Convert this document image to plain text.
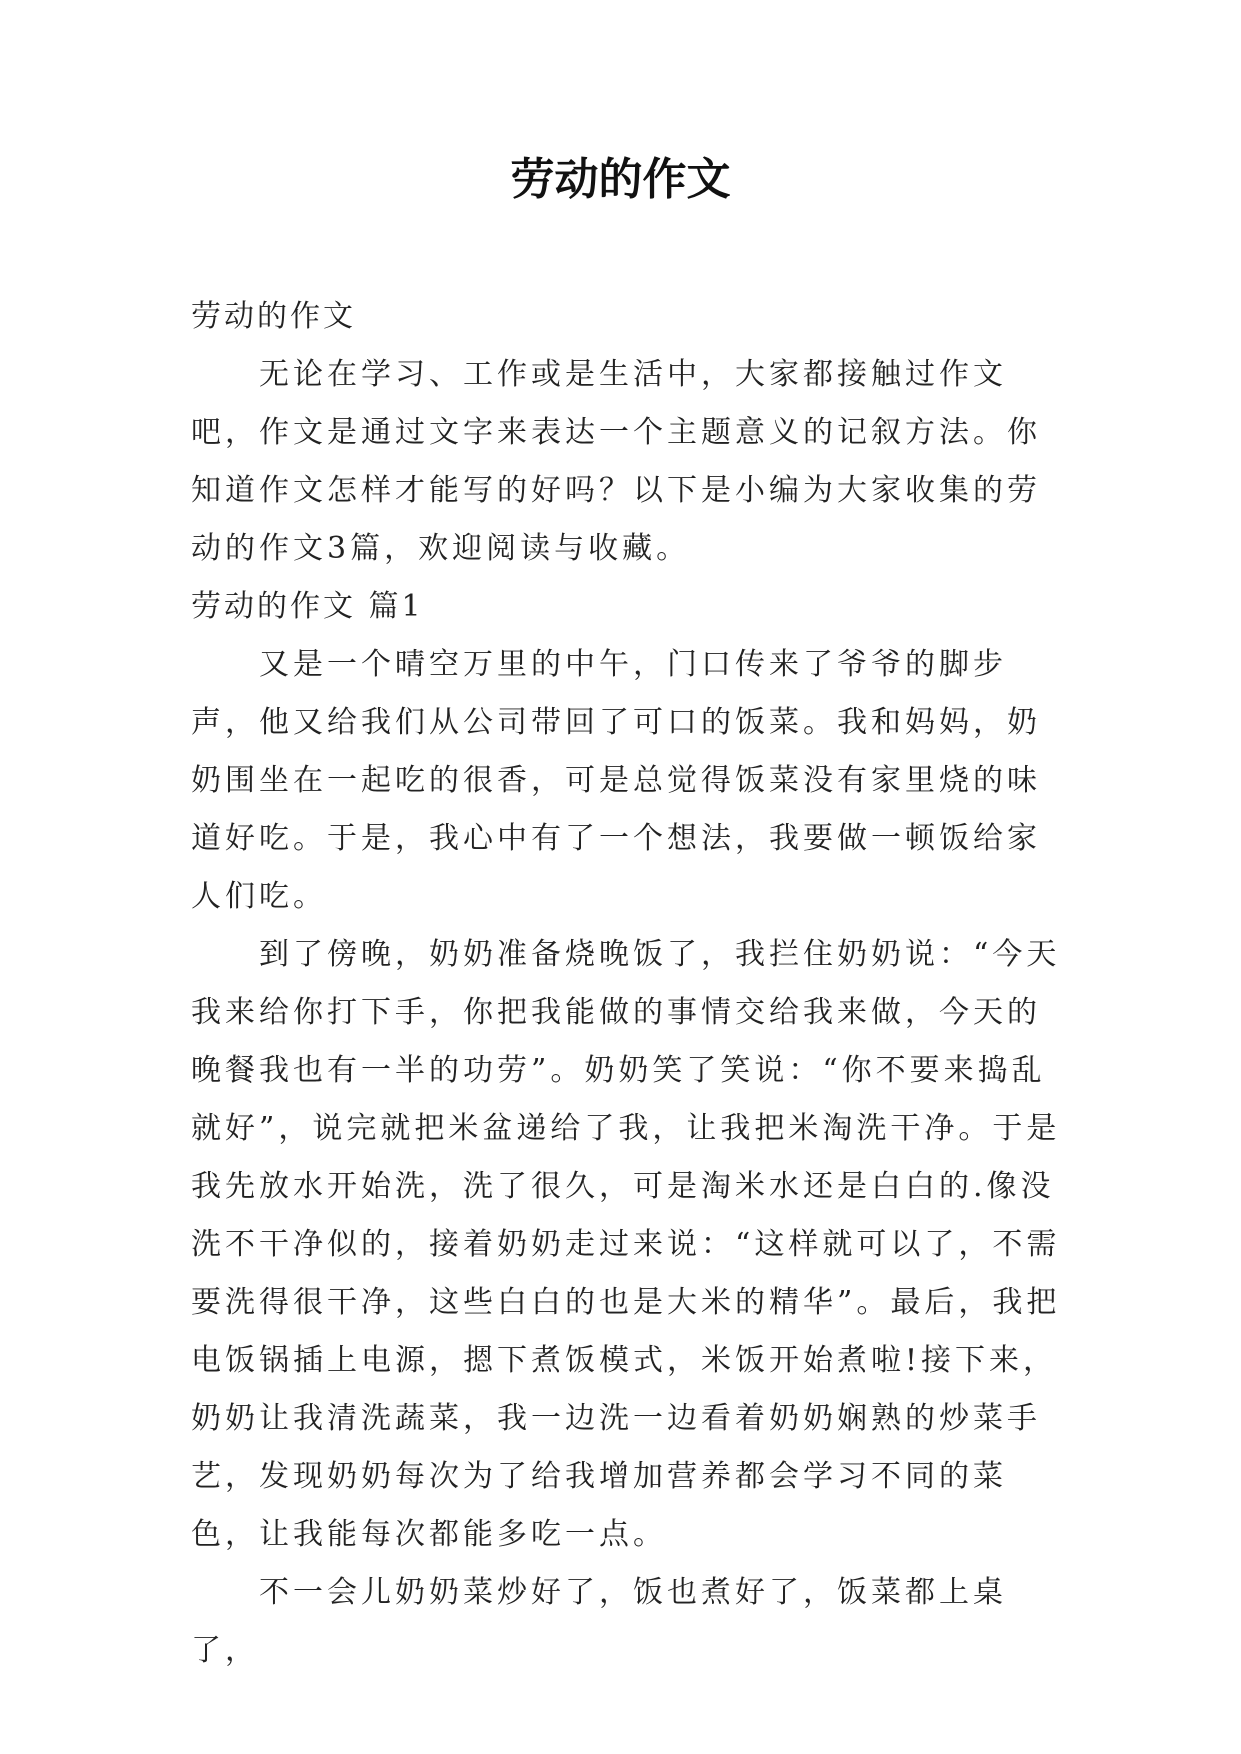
劳动的作文

劳动的作文

无论在学习、工作或是生活中，大家都接触过作文吧，作文是通过文字来表达一个主题意义的记叙方法。你知道作文怎样才能写的好吗？以下是小编为大家收集的劳动的作文3篇，欢迎阅读与收藏。

劳动的作文 篇1

又是一个晴空万里的中午，门口传来了爷爷的脚步声，他又给我们从公司带回了可口的饭菜。我和妈妈，奶奶围坐在一起吃的很香，可是总觉得饭菜没有家里烧的味道好吃。于是，我心中有了一个想法，我要做一顿饭给家人们吃。

到了傍晚，奶奶准备烧晚饭了，我拦住奶奶说：“今天我来给你打下手，你把我能做的事情交给我来做，今天的晚餐我也有一半的功劳”。奶奶笑了笑说：“你不要来捣乱就好”，说完就把米盆递给了我，让我把米淘洗干净。于是我先放水开始洗，洗了很久，可是淘米水还是白白的.像没洗不干净似的，接着奶奶走过来说：“这样就可以了，不需要洗得很干净，这些白白的也是大米的精华”。最后，我把电饭锅插上电源，摁下煮饭模式，米饭开始煮啦!接下来，奶奶让我清洗蔬菜，我一边洗一边看着奶奶娴熟的炒菜手艺，发现奶奶每次为了给我增加营养都会学习不同的菜色，让我能每次都能多吃一点。

不一会儿奶奶菜炒好了，饭也煮好了，饭菜都上桌了，
